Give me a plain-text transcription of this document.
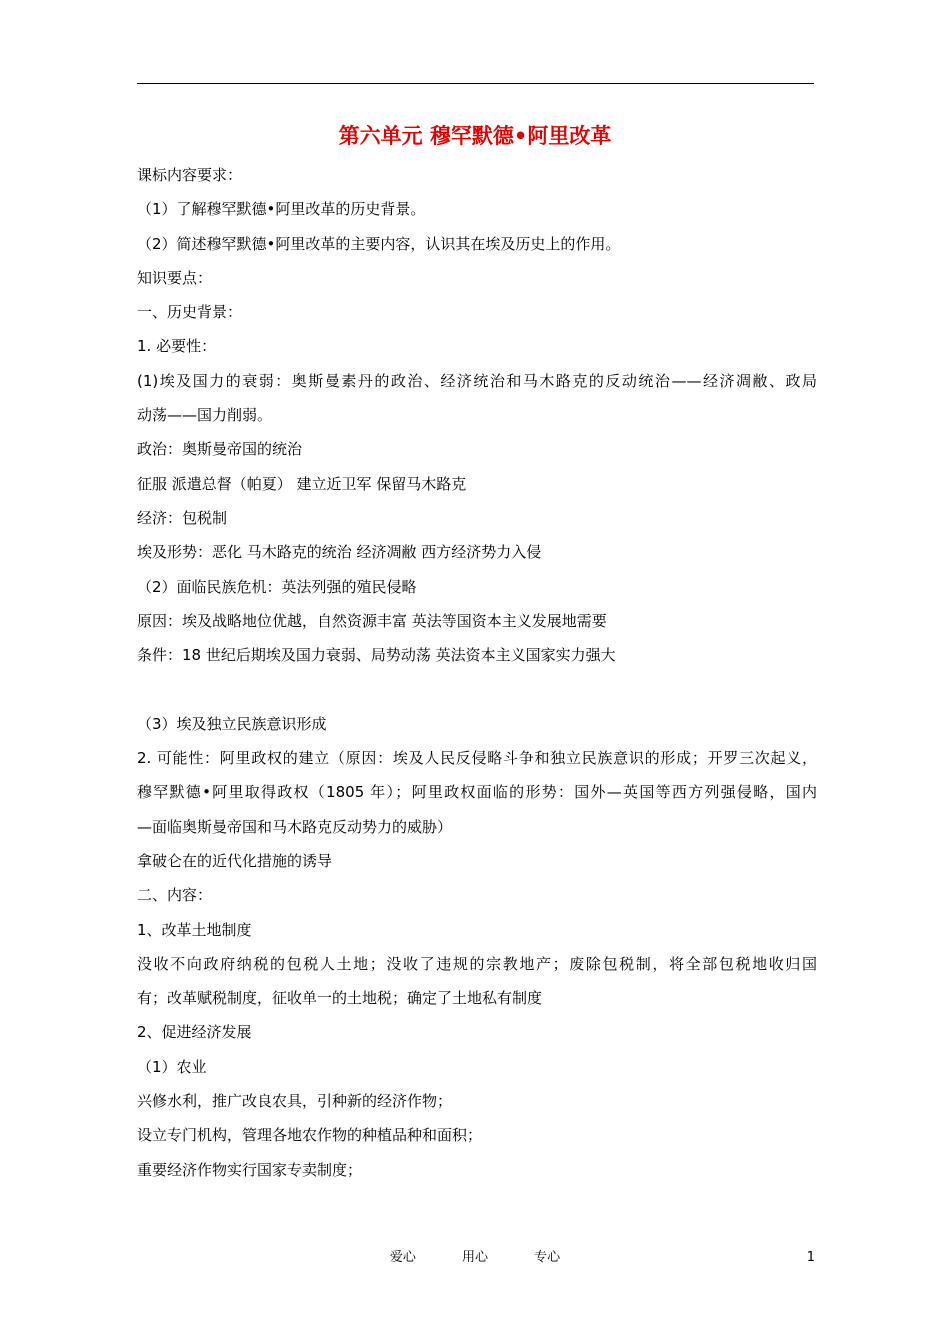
第六单元 穆罕默德•阿里改革
课标内容要求：
（1）了解穆罕默德•阿里改革的历史背景。
（2）简述穆罕默德•阿里改革的主要内容，认识其在埃及历史上的作用。
知识要点：
一、历史背景：
1. 必要性：
(1)埃及国力的衰弱：奥斯曼素丹的政治、经济统治和马木路克的反动统治——经济凋敝、政局
动荡——国力削弱。
政治：奥斯曼帝国的统治
征服 派遣总督（帕夏） 建立近卫军 保留马木路克
经济：包税制
埃及形势：恶化 马木路克的统治 经济凋敝 西方经济势力入侵
（2）面临民族危机：英法列强的殖民侵略
原因：埃及战略地位优越，自然资源丰富 英法等国资本主义发展地需要
条件：18 世纪后期埃及国力衰弱、局势动荡 英法资本主义国家实力强大
（3）埃及独立民族意识形成
2. 可能性：阿里政权的建立（原因：埃及人民反侵略斗争和独立民族意识的形成；开罗三次起义，
穆罕默德•阿里取得政权（1805 年）；阿里政权面临的形势：国外—英国等西方列强侵略，国内
—面临奥斯曼帝国和马木路克反动势力的威胁）
拿破仑在的近代化措施的诱导
二、内容：
1、改革土地制度
没收不向政府纳税的包税人土地；没收了违规的宗教地产；废除包税制，将全部包税地收归国
有；改革赋税制度，征收单一的土地税；确定了土地私有制度
2、促进经济发展
（1）农业
兴修水利，推广改良农具，引种新的经济作物；
设立专门机构，管理各地农作物的种植品种和面积；
重要经济作物实行国家专卖制度；
爱心	用心	专心	1
